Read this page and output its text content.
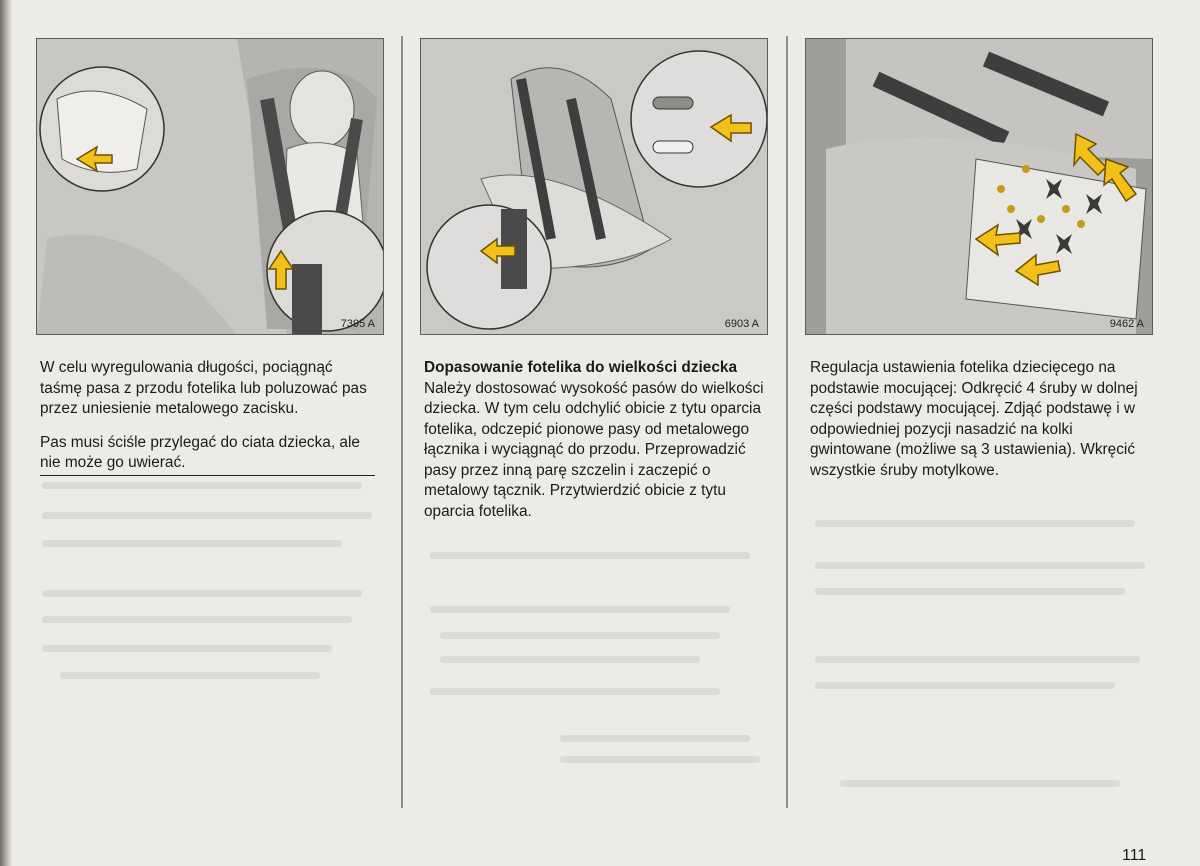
7395 A	6903 A	9462 A

W celu wyregulowania długości, pociągnąć taśmę pasa z przodu fotelika lub poluzować pas przez uniesienie metalowego zacisku.

Pas musi ściśle przylegać do ciata dziecka, ale nie może go uwierać.

Dopasowanie fotelika do wielkości dziecka

Należy dostosować wysokość pasów do wielkości dziecka. W tym celu odchylić obicie z tytu oparcia fotelika, odczepić pionowe pasy od metalowego łącznika i wyciągnąć do przodu. Przeprowadzić pasy przez inną parę szczelin i zaczepić o metalowy tącznik. Przytwierdzić obicie z tytu oparcia fotelika.

Regulacja ustawienia fotelika dziecięcego na podstawie mocującej: Odkręcić 4 śruby w dolnej części podstawy mocującej. Zdjąć podstawę i w odpowiedniej pozycji nasadzić na kolki gwintowane (możliwe są 3 ustawienia). Wkręcić wszystkie śruby motylkowe.

111
